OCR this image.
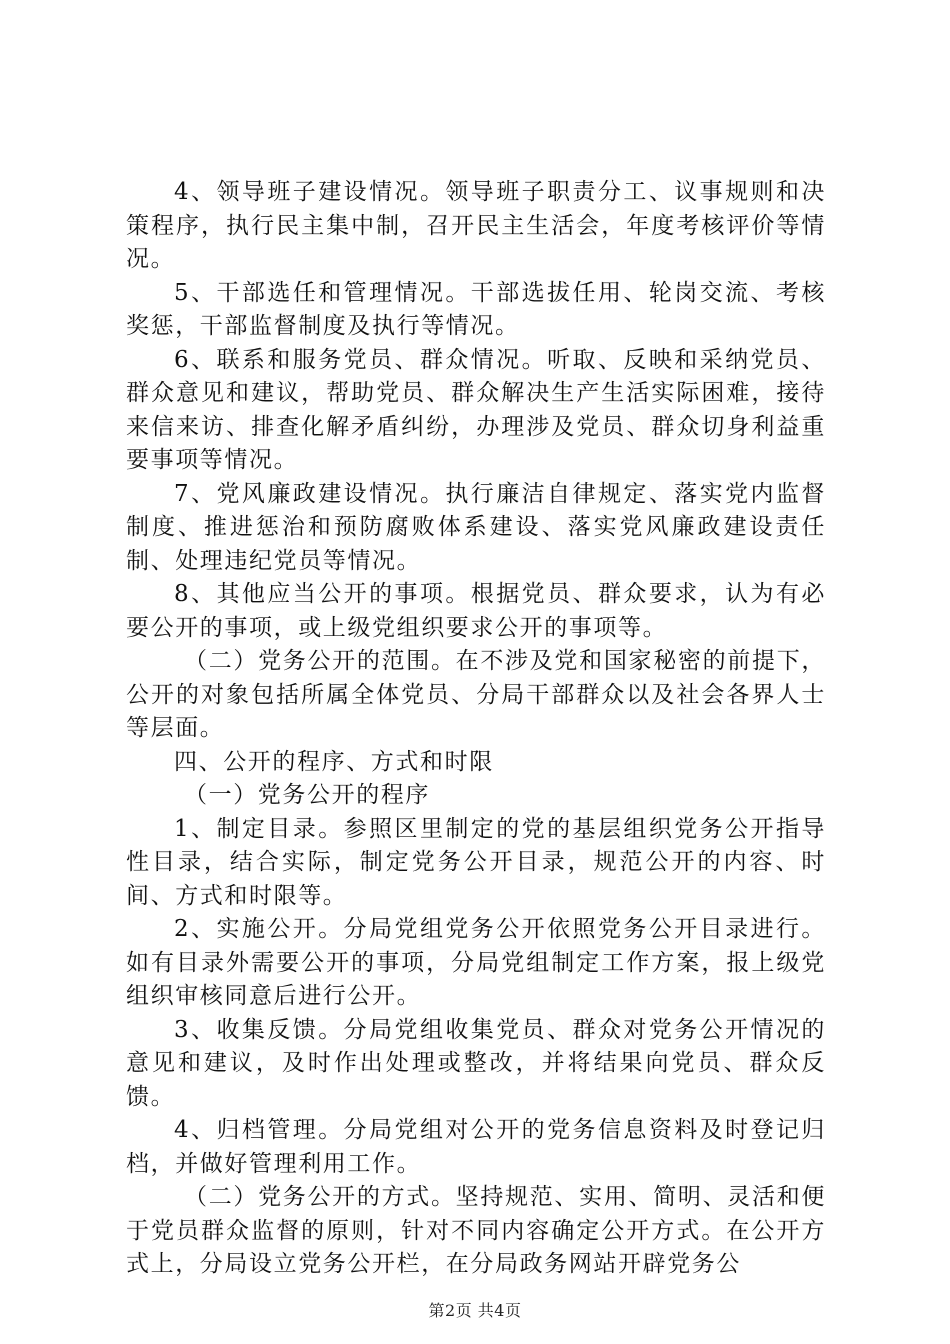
4、领导班子建设情况。领导班子职责分工、议事规则和决策程序，执行民主集中制，召开民主生活会，年度考核评价等情况。

5、干部选任和管理情况。干部选拔任用、轮岗交流、考核奖惩，干部监督制度及执行等情况。

6、联系和服务党员、群众情况。听取、反映和采纳党员、群众意见和建议，帮助党员、群众解决生产生活实际困难，接待来信来访、排查化解矛盾纠纷，办理涉及党员、群众切身利益重要事项等情况。

7、党风廉政建设情况。执行廉洁自律规定、落实党内监督制度、推进惩治和预防腐败体系建设、落实党风廉政建设责任制、处理违纪党员等情况。

8、其他应当公开的事项。根据党员、群众要求，认为有必要公开的事项，或上级党组织要求公开的事项等。

（二）党务公开的范围。在不涉及党和国家秘密的前提下，公开的对象包括所属全体党员、分局干部群众以及社会各界人士等层面。

四、公开的程序、方式和时限

（一）党务公开的程序

1、制定目录。参照区里制定的党的基层组织党务公开指导性目录，结合实际，制定党务公开目录，规范公开的内容、时间、方式和时限等。

2、实施公开。分局党组党务公开依照党务公开目录进行。如有目录外需要公开的事项，分局党组制定工作方案，报上级党组织审核同意后进行公开。

3、收集反馈。分局党组收集党员、群众对党务公开情况的意见和建议，及时作出处理或整改，并将结果向党员、群众反馈。

4、归档管理。分局党组对公开的党务信息资料及时登记归档，并做好管理利用工作。

（二）党务公开的方式。坚持规范、实用、简明、灵活和便于党员群众监督的原则，针对不同内容确定公开方式。在公开方式上，分局设立党务公开栏，在分局政务网站开辟党务公

第2页 共4页
